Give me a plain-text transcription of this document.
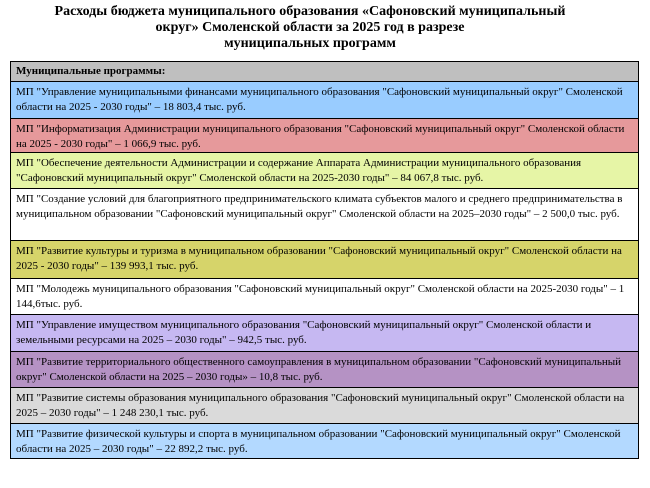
Расходы бюджета муниципального образования «Сафоновский муниципальный
округ» Смоленской области за 2025 год в разрезе
муниципальных программ
Муниципальные программы:
МП "Управление муниципальными финансами муниципального образования "Сафоновский муниципальный округ" Смоленской области на 2025 - 2030 годы" – 18 803,4 тыс. руб.
МП "Информатизация Администрации муниципального образования "Сафоновский муниципальный округ" Смоленской области на 2025 - 2030 годы" – 1 066,9 тыс. руб.
МП "Обеспечение деятельности Администрации и содержание Аппарата Администрации муниципального образования "Сафоновский муниципальный округ" Смоленской области на 2025-2030 годы" – 84 067,8 тыс. руб.
МП "Создание условий для благоприятного предпринимательского климата субъектов малого и среднего предпринимательства в муниципальном образовании "Сафоновский муниципальный округ" Смоленской области на 2025–2030 годы" – 2 500,0 тыс. руб.
МП "Развитие культуры и туризма в муниципальном образовании "Сафоновский муниципальный округ" Смоленской области на 2025 - 2030 годы" – 139 993,1 тыс. руб.
МП "Молодежь муниципального образования "Сафоновский муниципальный округ" Смоленской области на 2025-2030 годы" – 1 144,6тыс. руб.
МП "Управление имуществом муниципального образования "Сафоновский муниципальный округ" Смоленской области и земельными ресурсами на 2025 – 2030 годы" – 942,5 тыс. руб.
МП "Развитие территориального общественного самоуправления в муниципальном образовании "Сафоновский муниципальный округ" Смоленской области на 2025 – 2030 годы» – 10,8 тыс. руб.
МП "Развитие системы образования муниципального образования "Сафоновский муниципальный округ" Смоленской области на 2025 – 2030 годы" – 1 248 230,1 тыс. руб.
МП "Развитие физической культуры и спорта в муниципальном образовании "Сафоновский муниципальный округ" Смоленской области на 2025 – 2030 годы" – 22 892,2 тыс. руб.
